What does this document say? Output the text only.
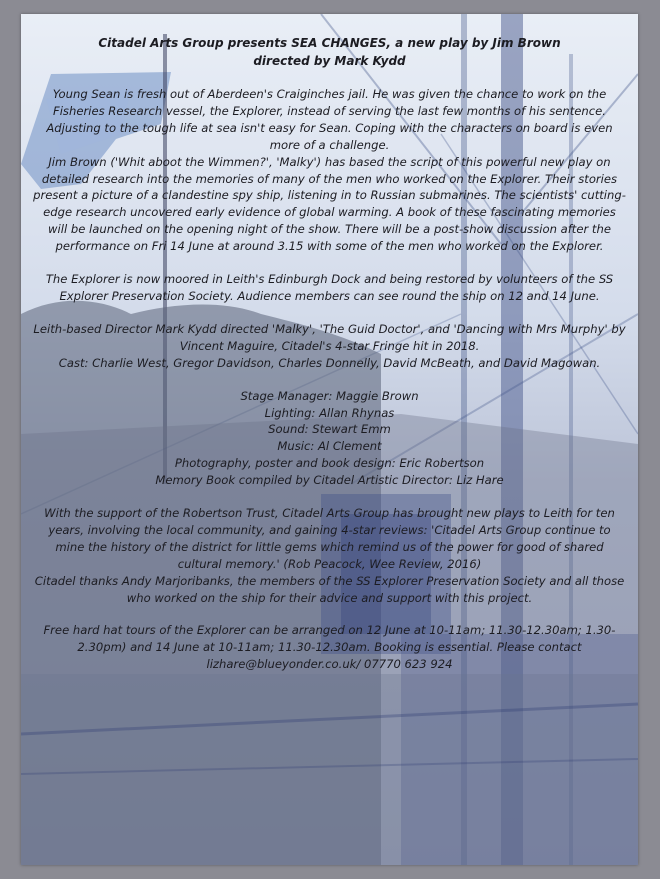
Citadel Arts Group presents SEA CHANGES, a new play by Jim Brown

directed by Mark Kydd

Young Sean is fresh out of Aberdeen's Craiginches jail. He was given the chance to work on the Fisheries Research vessel, the Explorer, instead of serving the last few months of his sentence. Adjusting to the tough life at sea isn't easy for Sean. Coping with the characters on board is even more of a challenge.

Jim Brown ('Whit aboot the Wimmen?', 'Malky') has based the script of this powerful new play on detailed research into the memories of many of the men who worked on the Explorer. Their stories present a picture of a clandestine spy ship, listening in to Russian submarines. The scientists' cutting-edge research uncovered early evidence of global warming. A book of these fascinating memories will be launched on the opening night of the show. There will be a post-show discussion after the performance on Fri 14 June at around 3.15 with some of the men who worked on the Explorer.

The Explorer is now moored in Leith's Edinburgh Dock and being restored by volunteers of the SS Explorer Preservation Society. Audience members can see round the ship on 12 and 14 June.

Leith-based Director Mark Kydd directed 'Malky', 'The Guid Doctor', and 'Dancing with Mrs Murphy' by Vincent Maguire, Citadel's 4-star Fringe hit in 2018.

Cast: Charlie West, Gregor Davidson, Charles Donnelly, David McBeath, and David Magowan.

Stage Manager: Maggie Brown

Lighting: Allan Rhynas

Sound: Stewart Emm

Music: Al Clement

Photography, poster and book design: Eric Robertson

Memory Book compiled by Citadel Artistic Director: Liz Hare

With the support of the Robertson Trust, Citadel Arts Group has brought new plays to Leith for ten years, involving the local community, and gaining 4-star reviews: 'Citadel Arts Group continue to mine the history of the district for little gems which remind us of the power for good of shared cultural memory.' (Rob Peacock, Wee Review, 2016)

Citadel thanks Andy Marjoribanks, the members of the SS Explorer Preservation Society and all those who worked on the ship for their advice and support with this project.

Free hard hat tours of the Explorer can be arranged on 12 June at 10-11am; 11.30-12.30am; 1.30-2.30pm) and 14 June at 10-11am; 11.30-12.30am. Booking is essential. Please contact lizhare@blueyonder.co.uk/ 07770 623 924
